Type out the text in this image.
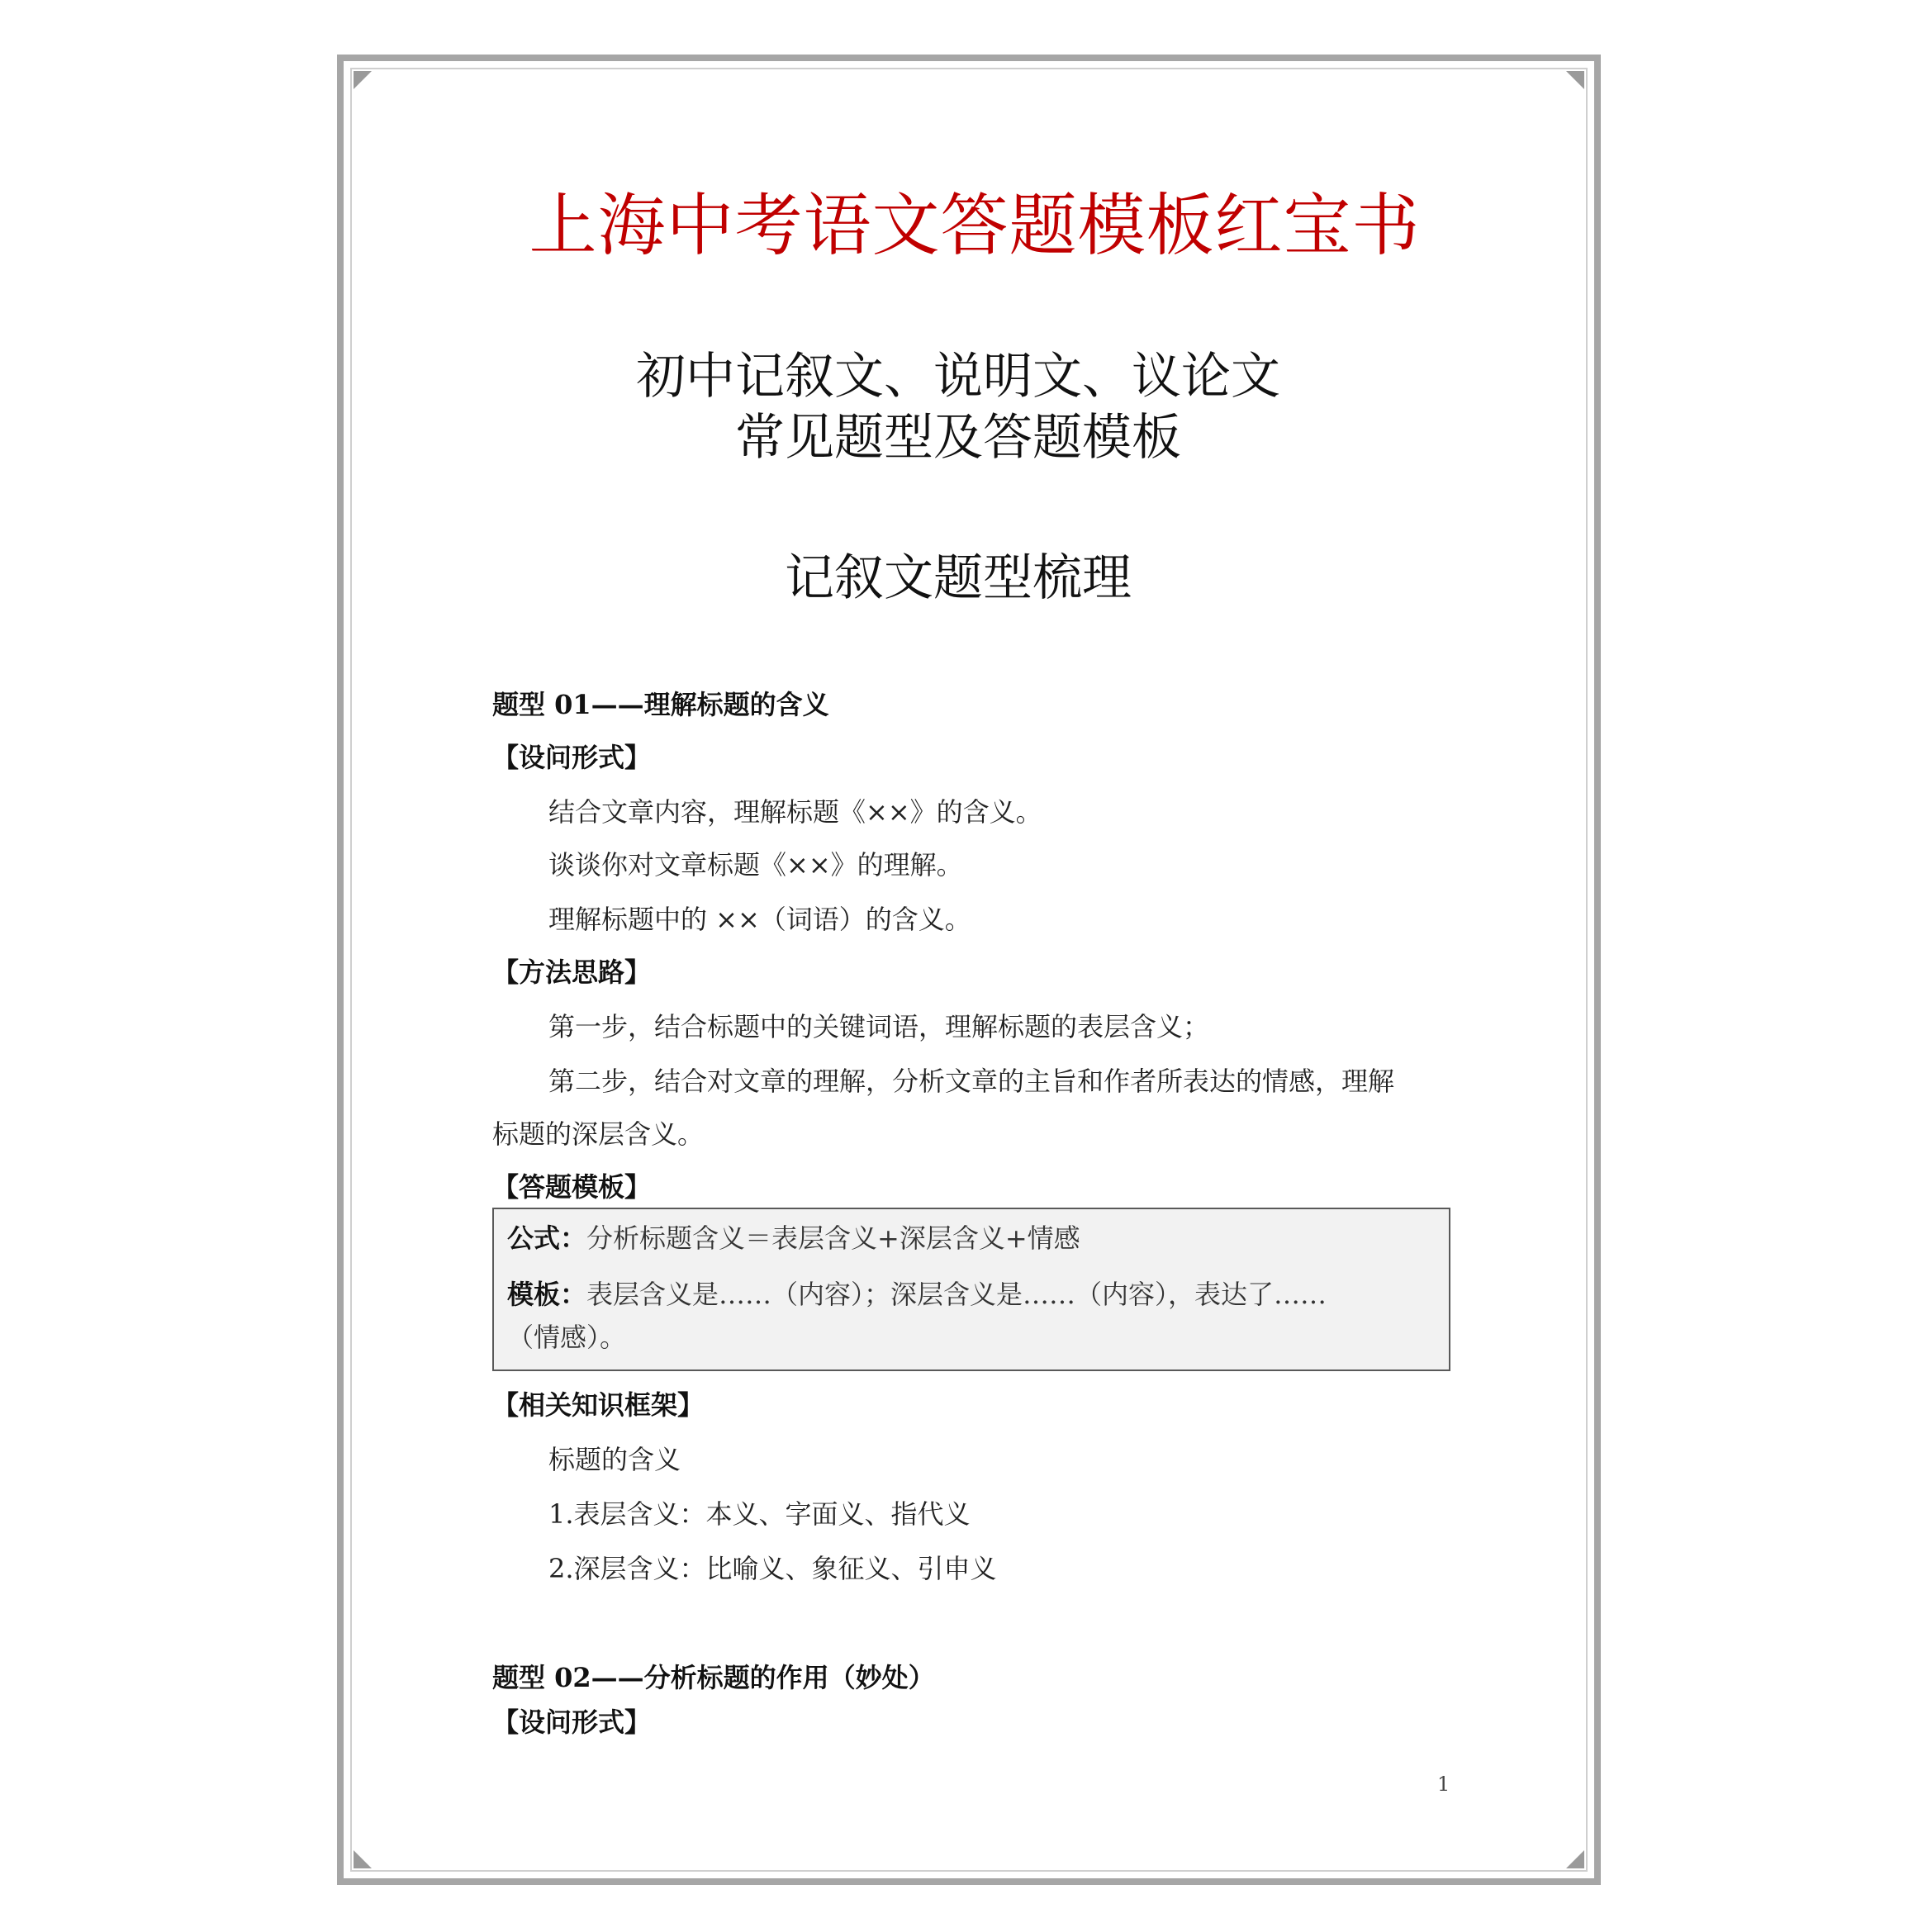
上海中考语文答题模板红宝书
初中记叙文、说明文、议论文
常见题型及答题模板
记叙文题型梳理
题型 01——理解标题的含义
【设问形式】
结合文章内容，理解标题《××》的含义。
谈谈你对文章标题《××》的理解。
理解标题中的 ××（词语）的含义。
【方法思路】
第一步，结合标题中的关键词语，理解标题的表层含义；
第二步，结合对文章的理解，分析文章的主旨和作者所表达的情感，理解
标题的深层含义。
【答题模板】
公式：分析标题含义＝表层含义+深层含义+情感
模板：表层含义是……（内容）；深层含义是……（内容），表达了……
（情感）。
【相关知识框架】
标题的含义
1.表层含义：本义、字面义、指代义
2.深层含义：比喻义、象征义、引申义
题型 02——分析标题的作用（妙处）
【设问形式】
1
